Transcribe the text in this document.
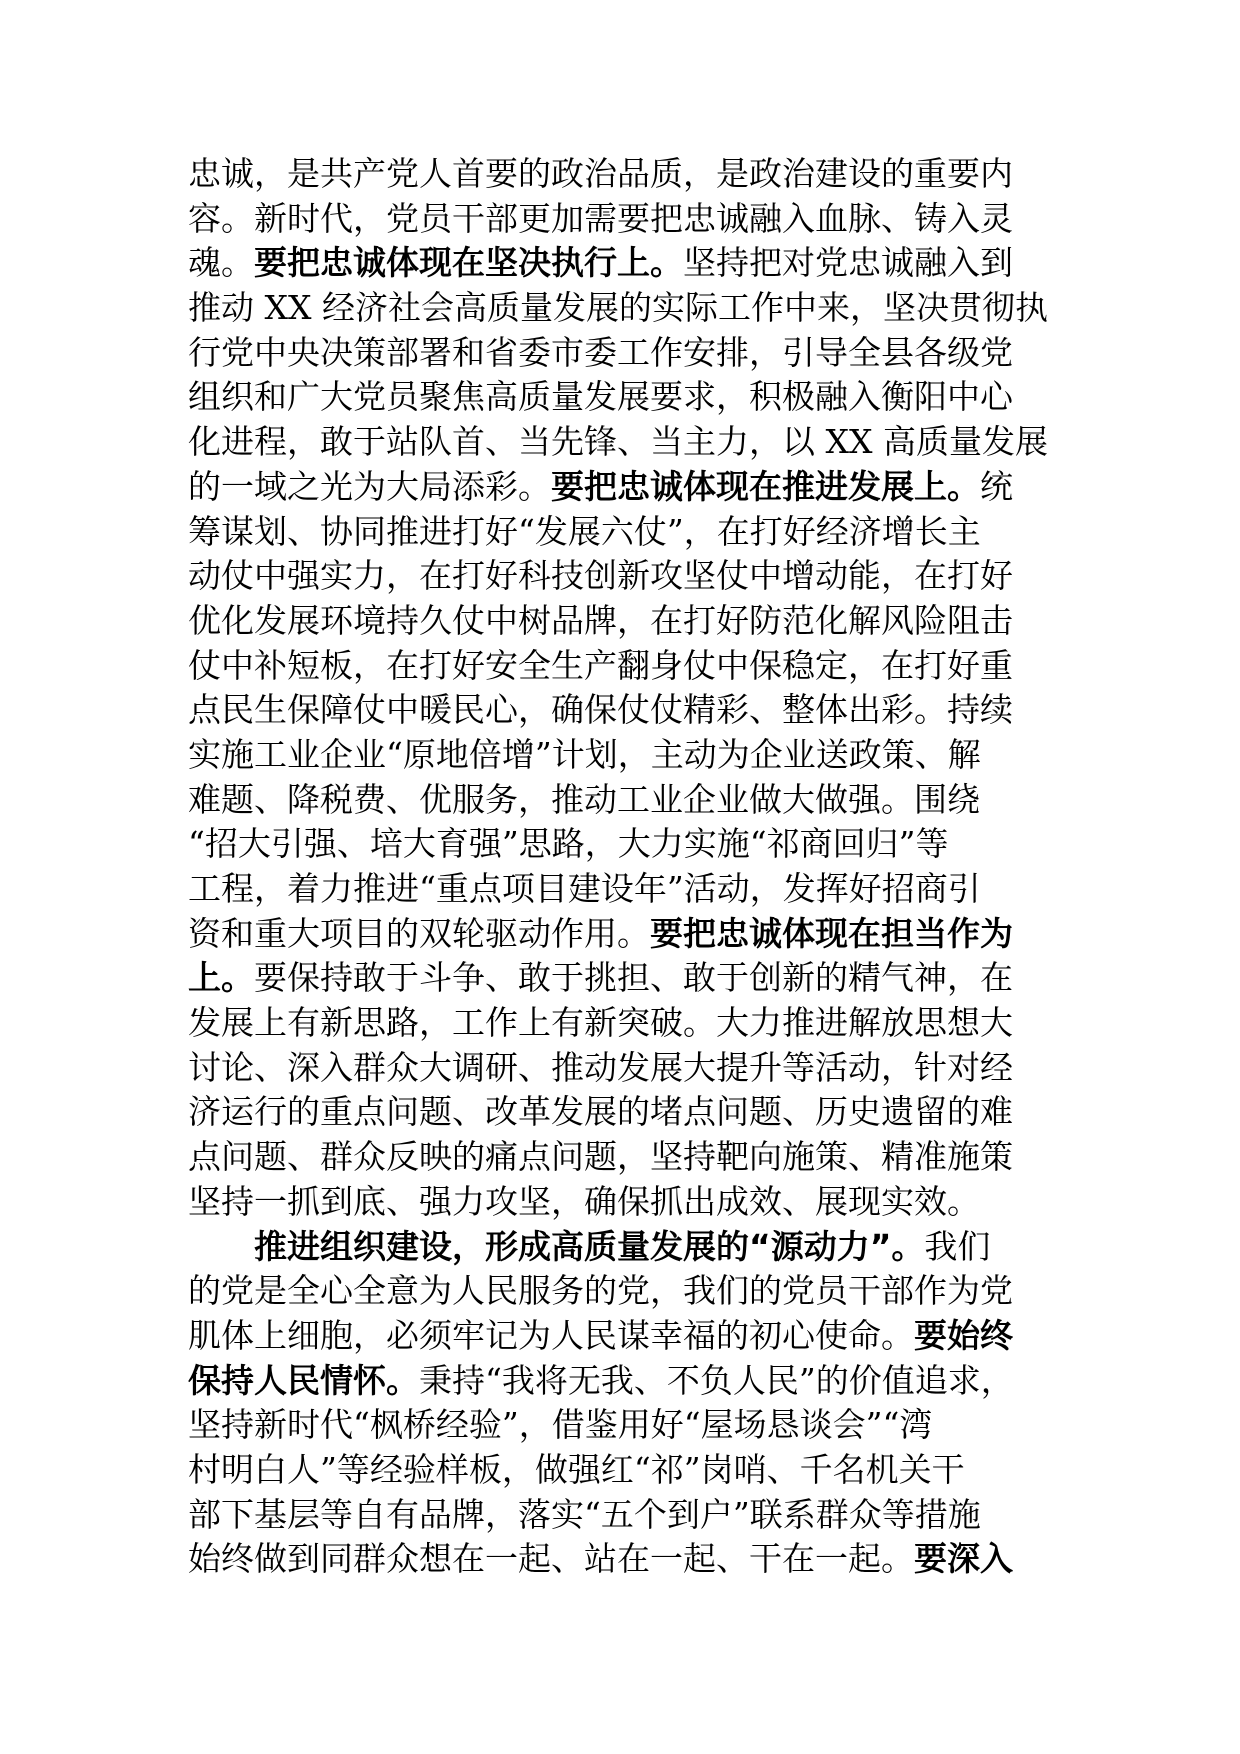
忠诚，是共产党人首要的政治品质，是政治建设的重要内
容。新时代，党员干部更加需要把忠诚融入血脉、铸入灵
魂。要把忠诚体现在坚决执行上。坚持把对党忠诚融入到
推动 XX 经济社会高质量发展的实际工作中来，坚决贯彻执
行党中央决策部署和省委市委工作安排，引导全县各级党
组织和广大党员聚焦高质量发展要求，积极融入衡阳中心
化进程，敢于站队首、当先锋、当主力，以 XX 高质量发展
的一域之光为大局添彩。要把忠诚体现在推进发展上。统
筹谋划、协同推进打好“发展六仗”，在打好经济增长主
动仗中强实力，在打好科技创新攻坚仗中增动能，在打好
优化发展环境持久仗中树品牌，在打好防范化解风险阻击
仗中补短板，在打好安全生产翻身仗中保稳定，在打好重
点民生保障仗中暖民心，确保仗仗精彩、整体出彩。持续
实施工业企业“原地倍增”计划，主动为企业送政策、解
难题、降税费、优服务，推动工业企业做大做强。围绕
“招大引强、培大育强”思路，大力实施“祁商回归”等
工程，着力推进“重点项目建设年”活动，发挥好招商引
资和重大项目的双轮驱动作用。要把忠诚体现在担当作为
上。要保持敢于斗争、敢于挑担、敢于创新的精气神，在
发展上有新思路，工作上有新突破。大力推进解放思想大
讨论、深入群众大调研、推动发展大提升等活动，针对经
济运行的重点问题、改革发展的堵点问题、历史遗留的难
点问题、群众反映的痛点问题，坚持靶向施策、精准施策
坚持一抓到底、强力攻坚，确保抓出成效、展现实效。
推进组织建设，形成高质量发展的“源动力”。我们
的党是全心全意为人民服务的党，我们的党员干部作为党
肌体上细胞，必须牢记为人民谋幸福的初心使命。要始终
保持人民情怀。秉持“我将无我、不负人民”的价值追求，
坚持新时代“枫桥经验”，借鉴用好“屋场恳谈会”“湾
村明白人”等经验样板，做强红“祁”岗哨、千名机关干
部下基层等自有品牌，落实“五个到户”联系群众等措施
始终做到同群众想在一起、站在一起、干在一起。要深入
